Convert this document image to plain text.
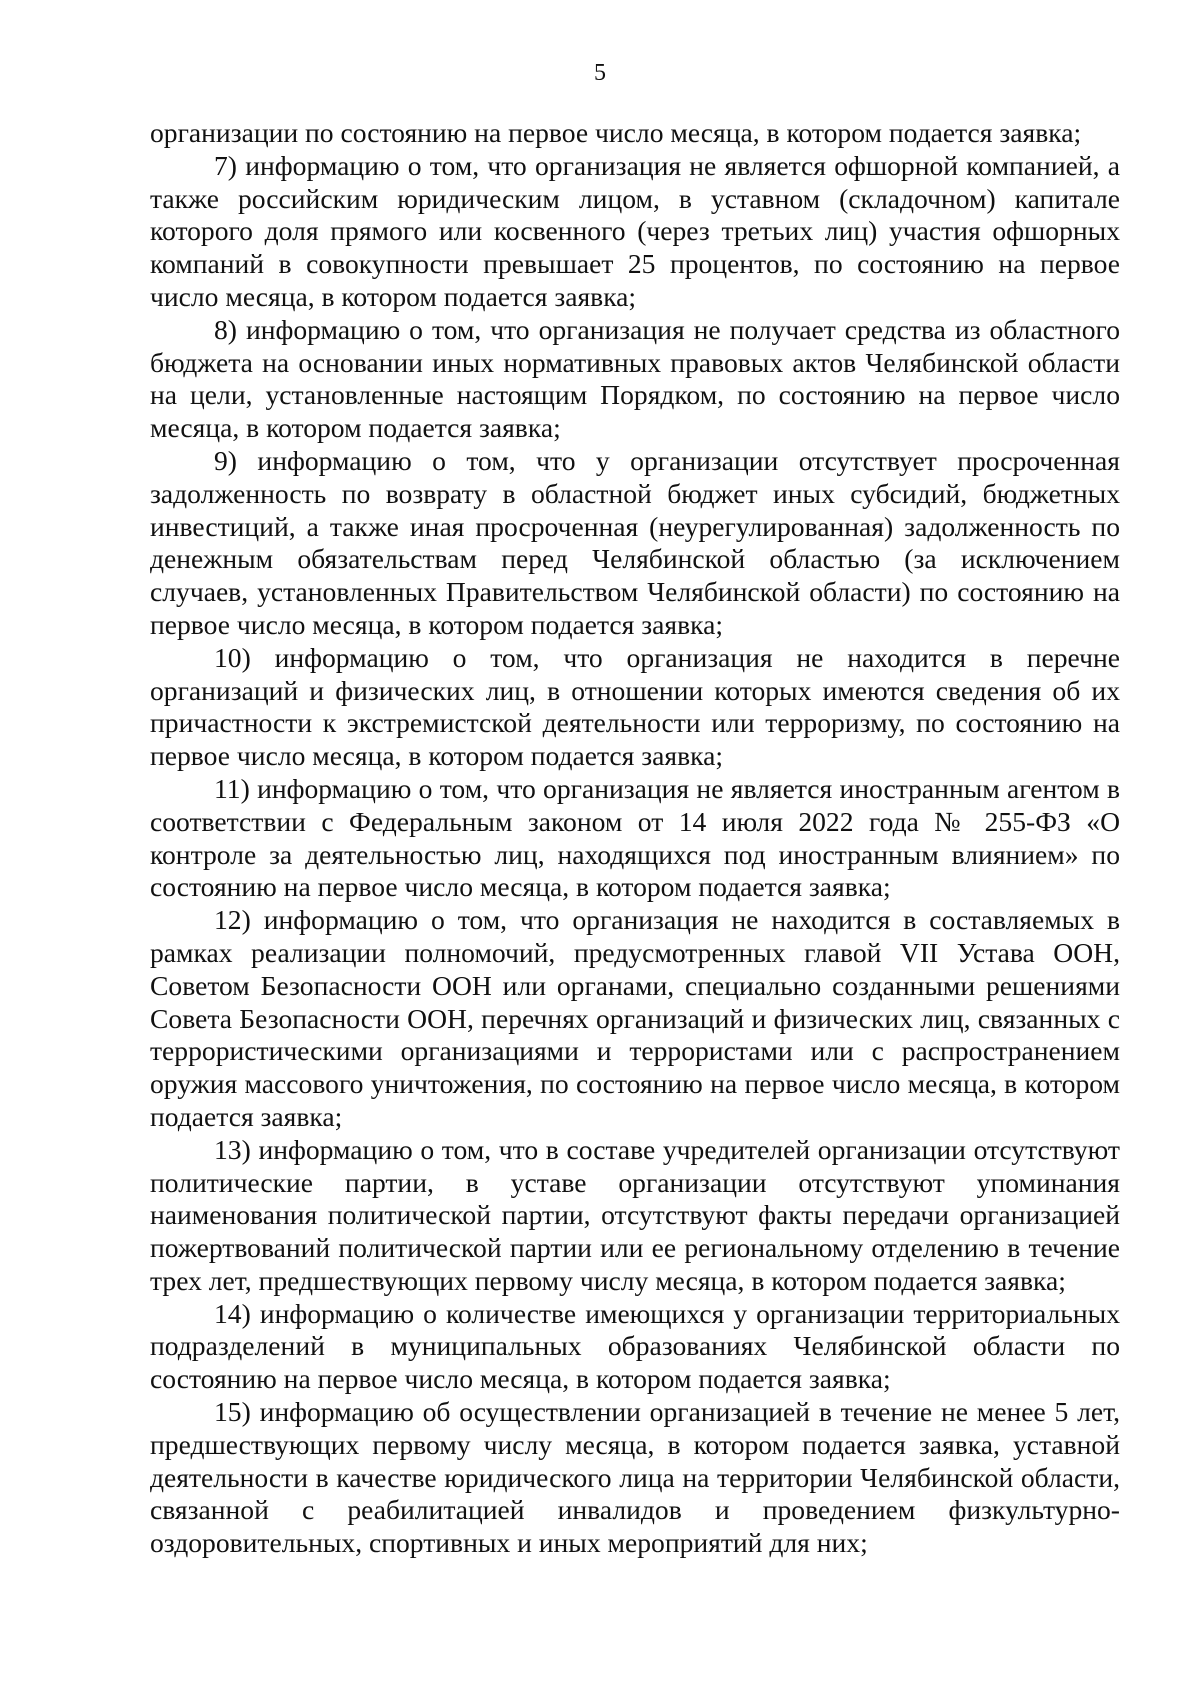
5

организации по состоянию на первое число месяца, в котором подается заявка;

7) информацию о том, что организация не является офшорной компанией, а также российским юридическим лицом, в уставном (складочном) капитале которого доля прямого или косвенного (через третьих лиц) участия офшорных компаний в совокупности превышает 25 процентов, по состоянию на первое число месяца, в котором подается заявка;

8) информацию о том, что организация не получает средства из областного бюджета на основании иных нормативных правовых актов Челябинской области на цели, установленные настоящим Порядком, по состоянию на первое число месяца, в котором подается заявка;

9) информацию о том, что у организации отсутствует просроченная задолженность по возврату в областной бюджет иных субсидий, бюджетных инвестиций, а также иная просроченная (неурегулированная) задолженность по денежным обязательствам перед Челябинской областью (за исключением случаев, установленных Правительством Челябинской области) по состоянию на первое число месяца, в котором подается заявка;

10) информацию о том, что организация не находится в перечне организаций и физических лиц, в отношении которых имеются сведения об их причастности к экстремистской деятельности или терроризму, по состоянию на первое число месяца, в котором подается заявка;

11) информацию о том, что организация не является иностранным агентом в соответствии с Федеральным законом от 14 июля 2022 года № 255-ФЗ «О контроле за деятельностью лиц, находящихся под иностранным влиянием» по состоянию на первое число месяца, в котором подается заявка;

12) информацию о том, что организация не находится в составляемых в рамках реализации полномочий, предусмотренных главой VII Устава ООН, Советом Безопасности ООН или органами, специально созданными решениями Совета Безопасности ООН, перечнях организаций и физических лиц, связанных с террористическими организациями и террористами или с распространением оружия массового уничтожения, по состоянию на первое число месяца, в котором подается заявка;

13) информацию о том, что в составе учредителей организации отсутствуют политические партии, в уставе организации отсутствуют упоминания наименования политической партии, отсутствуют факты передачи организацией пожертвований политической партии или ее региональному отделению в течение трех лет, предшествующих первому числу месяца, в котором подается заявка;

14) информацию о количестве имеющихся у организации территориальных подразделений в муниципальных образованиях Челябинской области по состоянию на первое число месяца, в котором подается заявка;

15) информацию об осуществлении организацией в течение не менее 5 лет, предшествующих первому числу месяца, в котором подается заявка, уставной деятельности в качестве юридического лица на территории Челябинской области, связанной с реабилитацией инвалидов и проведением физкультурно-оздоровительных, спортивных и иных мероприятий для них;
